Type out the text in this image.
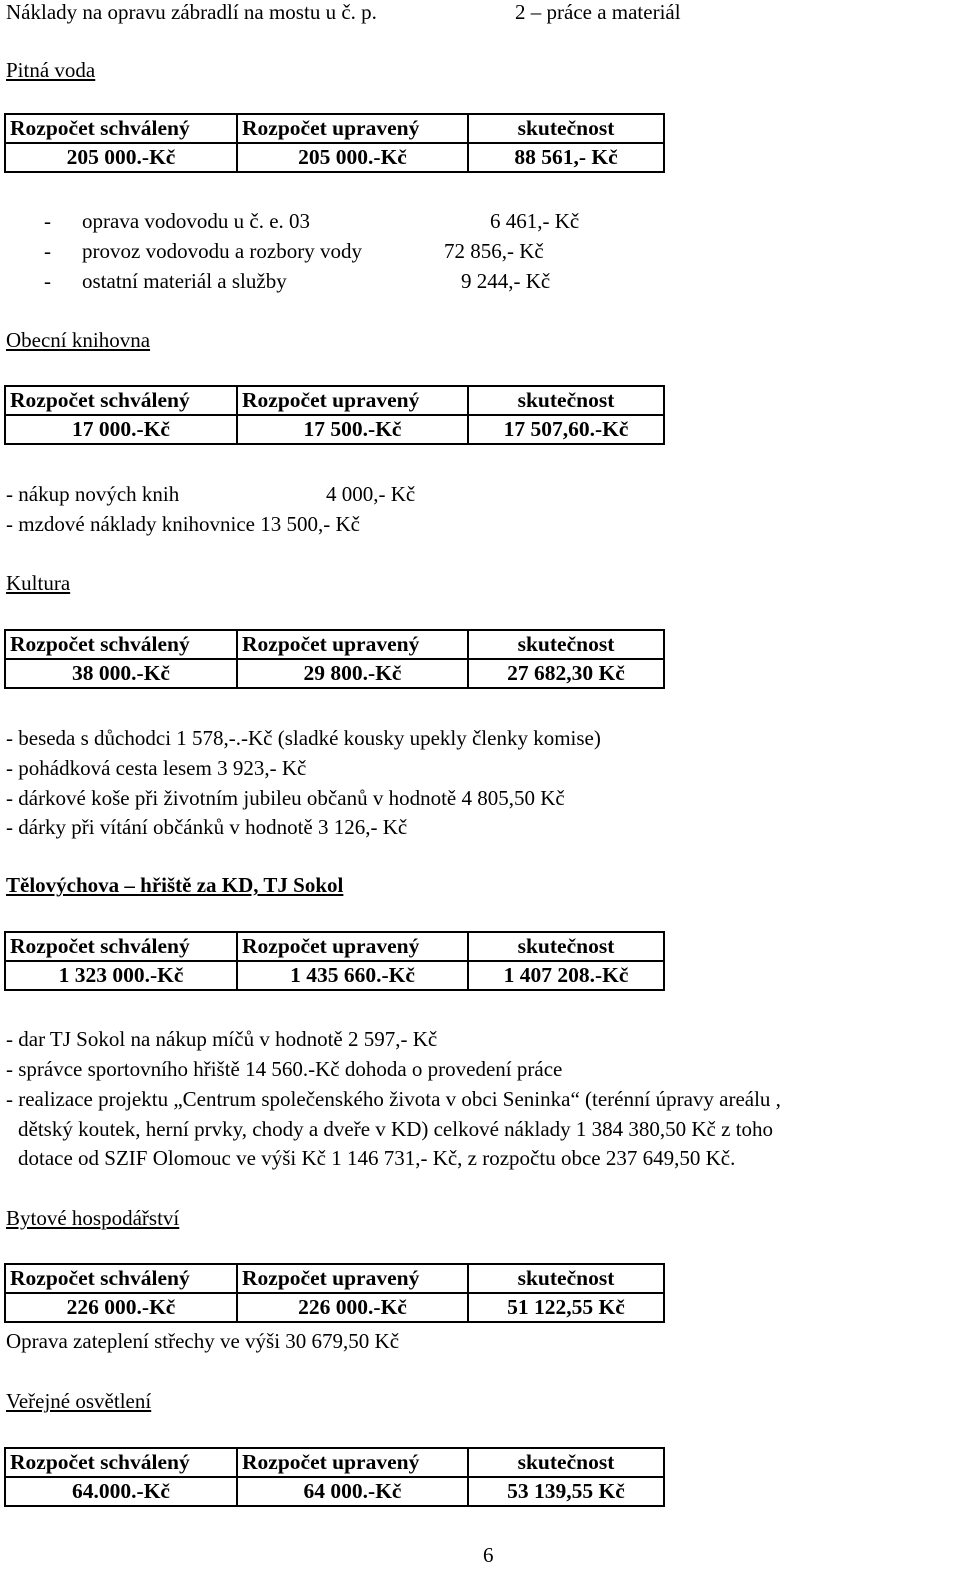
Náklady na opravu zábradlí na mostu u č. p.	2 – práce a materiál
Pitná voda
Rozpočet schválený	Rozpočet upravený	skutečnost
205 000.-Kč	205 000.-Kč	88 561,- Kč
- oprava vodovodu u č. e. 03	6 461,- Kč
- provoz vodovodu a rozbory vody	72 856,- Kč
- ostatní materiál a služby	9 244,- Kč
Obecní knihovna
Rozpočet schválený	Rozpočet upravený	skutečnost
17 000.-Kč	17 500.-Kč	17 507,60.-Kč
- nákup nových knih	4 000,- Kč
- mzdové náklady knihovnice 13 500,- Kč
Kultura
Rozpočet schválený	Rozpočet upravený	skutečnost
38 000.-Kč	29 800.-Kč	27 682,30 Kč
- beseda s důchodci 1 578,-.-Kč (sladké kousky upekly členky komise)
- pohádková cesta lesem 3 923,- Kč
- dárkové koše při životním jubileu občanů v hodnotě 4 805,50 Kč
- dárky při vítání občánků v hodnotě 3 126,- Kč
Tělovýchova – hřiště za KD, TJ Sokol
Rozpočet schválený	Rozpočet upravený	skutečnost
1 323 000.-Kč	1 435 660.-Kč	1 407 208.-Kč
- dar TJ Sokol na nákup míčů v hodnotě 2 597,- Kč
- správce sportovního hřiště 14 560.-Kč dohoda o provedení práce
- realizace projektu „Centrum společenského života v obci Seninka“ (terénní úpravy areálu ,
dětský koutek, herní prvky, chody a dveře v KD) celkové náklady 1 384 380,50 Kč z toho
dotace od SZIF Olomouc ve výši Kč 1 146 731,- Kč, z rozpočtu obce 237 649,50 Kč.
Bytové hospodářství
Rozpočet schválený	Rozpočet upravený	skutečnost
226 000.-Kč	226 000.-Kč	51 122,55 Kč
Oprava zateplení střechy ve výši 30 679,50 Kč
Veřejné osvětlení
Rozpočet schválený	Rozpočet upravený	skutečnost
64.000.-Kč	64 000.-Kč	53 139,55 Kč
6
